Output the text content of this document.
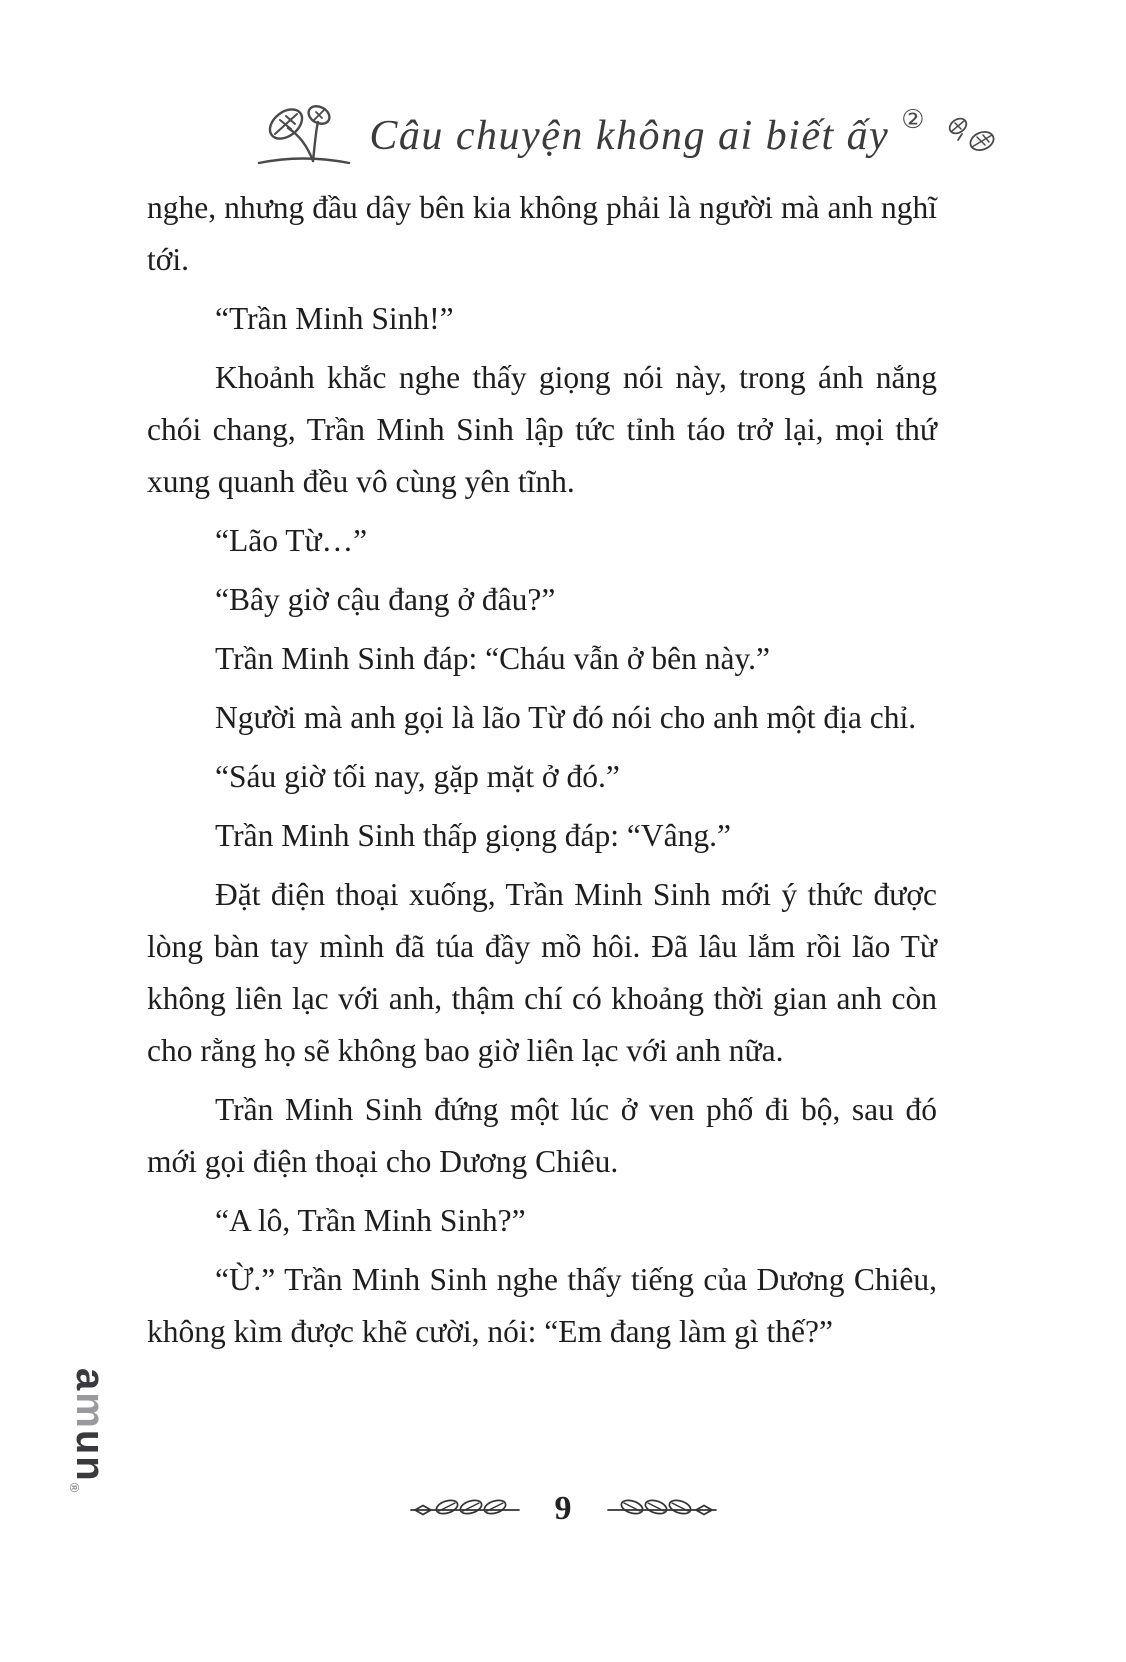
Câu chuyện không ai biết ấy ②

nghe, nhưng đầu dây bên kia không phải là người mà anh nghĩ tới.

“Trần Minh Sinh!”

Khoảnh khắc nghe thấy giọng nói này, trong ánh nắng chói chang, Trần Minh Sinh lập tức tỉnh táo trở lại, mọi thứ xung quanh đều vô cùng yên tĩnh.

“Lão Từ…”

“Bây giờ cậu đang ở đâu?”

Trần Minh Sinh đáp: “Cháu vẫn ở bên này.”

Người mà anh gọi là lão Từ đó nói cho anh một địa chỉ.

“Sáu giờ tối nay, gặp mặt ở đó.”

Trần Minh Sinh thấp giọng đáp: “Vâng.”

Đặt điện thoại xuống, Trần Minh Sinh mới ý thức được lòng bàn tay mình đã túa đầy mồ hôi. Đã lâu lắm rồi lão Từ không liên lạc với anh, thậm chí có khoảng thời gian anh còn cho rằng họ sẽ không bao giờ liên lạc với anh nữa.

Trần Minh Sinh đứng một lúc ở ven phố đi bộ, sau đó mới gọi điện thoại cho Dương Chiêu.

“A lô, Trần Minh Sinh?”

“Ừ.” Trần Minh Sinh nghe thấy tiếng của Dương Chiêu, không kìm được khẽ cười, nói: “Em đang làm gì thế?”

amun®
9
